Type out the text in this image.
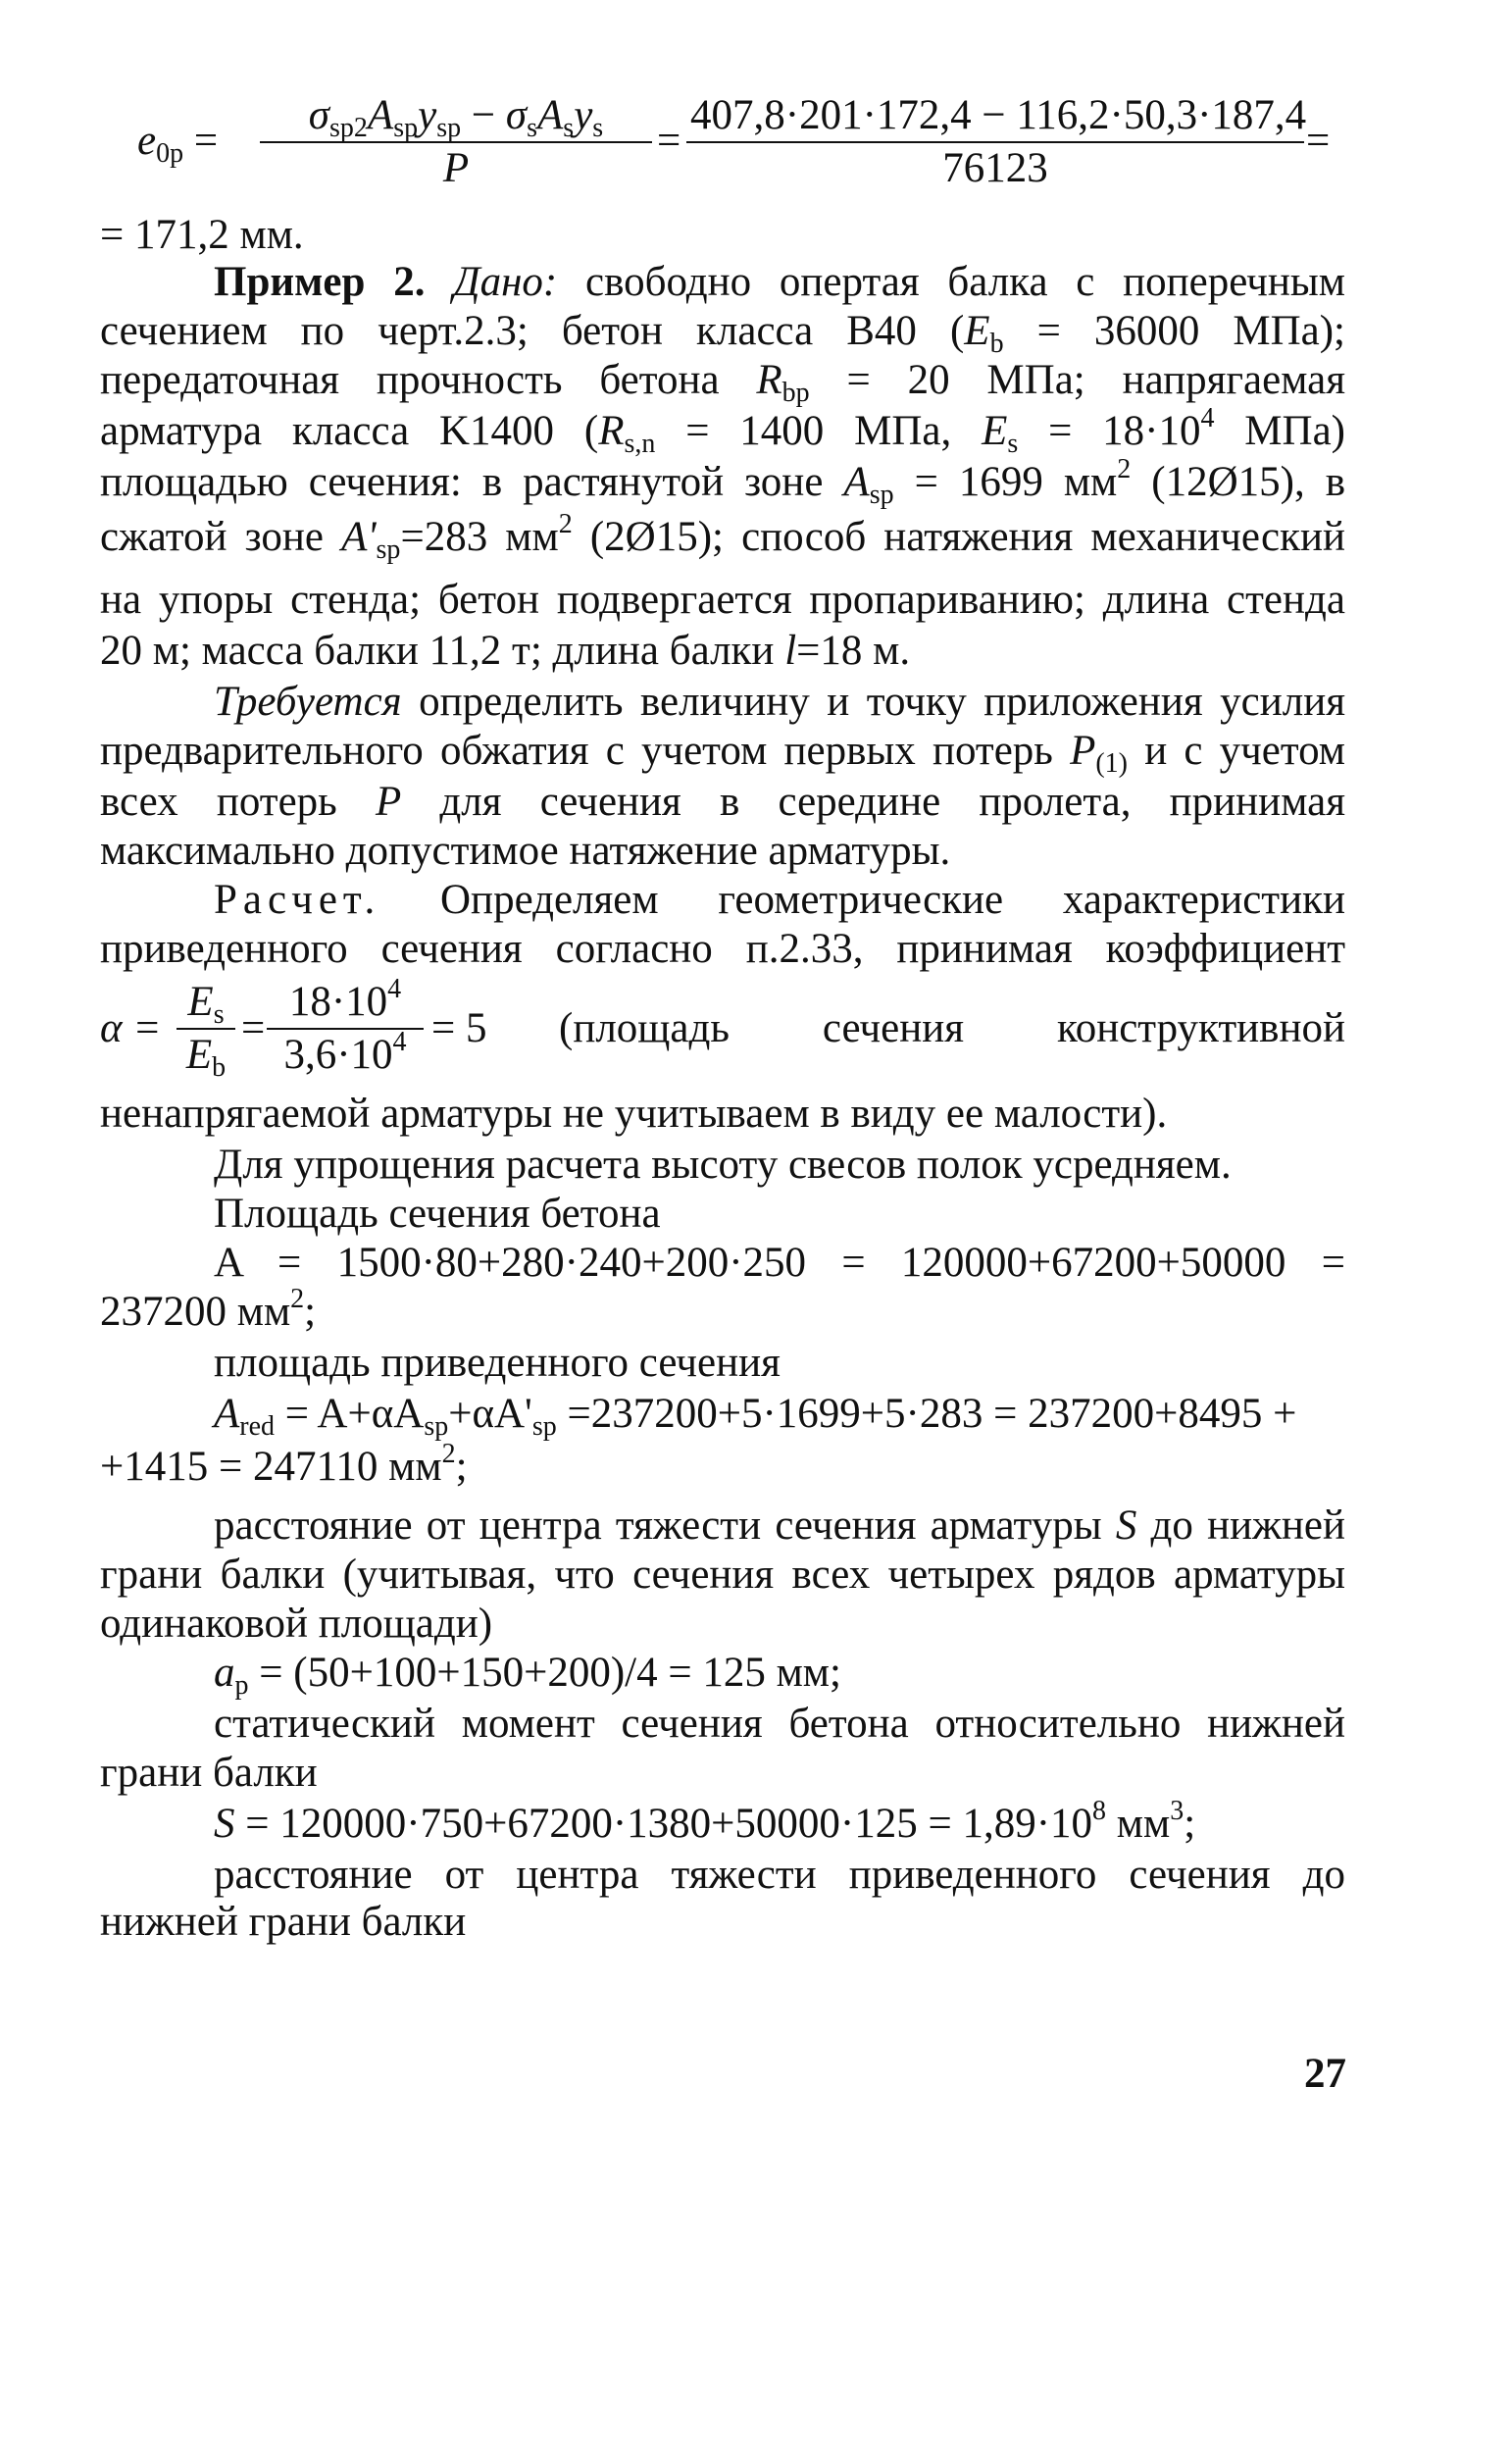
$e_{0p}$ =
$\sigma_{sp2}A_{sp}y_{sp} - \sigma_sA_sy_s$
P
= $\frac{407,8\cdot 201\cdot 172,4 - 116,2\cdot 50,3\cdot 187,4}{76123}$ =
= 171,2 мм.
Пример 2. Дано: свободно опертая балка с поперечным
сечением по черт.2.3; бетон класса B40 ($E_b = 36000$ МПа);
передаточная прочность бетона $R_{bp} = 20$ МПа; напрягаемая
арматура класса K1400 ($R_{s,n} = 1400$ МПа, $E_s = 18\cdot 10^4$ МПа)
площадью сечения: в растянутой зоне $A_{sp} = 1699$ $мм^2$ (12Ø15), в
сжатой зоне $A'_{sp}=283$ $мм^2$ (2Ø15); способ натяжения механический
на упоры стенда; бетон подвергается пропариванию; длина стенда
20 м; масса балки 11,2 т; длина балки l=18 м.
Требуется определить величину и точку приложения усилия
предварительного обжатия с учетом первых потерь $P_{(1)}$ и с учетом
всех потерь P для сечения в середине пролета, принимая
максимально допустимое натяжение арматуры.
Расчет. Определяем геометрические характеристики
приведенного сечения согласно п.2.33, принимая коэффициент
$\alpha = \frac{E_s}{E_b} = \frac{18\cdot 10^4}{3,6\cdot 10^4} = 5$ (площадь сечения конструктивной
ненапрягаемой арматуры не учитываем в виду ее малости).
Для упрощения расчета высоту свесов полок усредняем.
Площадь сечения бетона
A = 1500·80+280·240+200·250 = 120000+67200+50000 =
237200 $мм^2$;
площадь приведенного сечения
$A_{red} = A+\alpha A_{sp}+\alpha A'_{sp} =237200+5\cdot 1699+5\cdot 283 = 237200+8495$ +
+1415 = 247110 $мм^2$;
расстояние от центра тяжести сечения арматуры S до нижней
грани балки (учитывая, что сечения всех четырех рядов арматуры
одинаковой площади)
$a_p = (50+100+150+200)/4 = 125$ мм;
статический момент сечения бетона относительно нижней
грани балки
$S = 120000\cdot 750+67200\cdot 1380+50000\cdot 125 = 1,89\cdot 10^8$ $мм^3$;
расстояние от центра тяжести приведенного сечения до
нижней грани балки
27
